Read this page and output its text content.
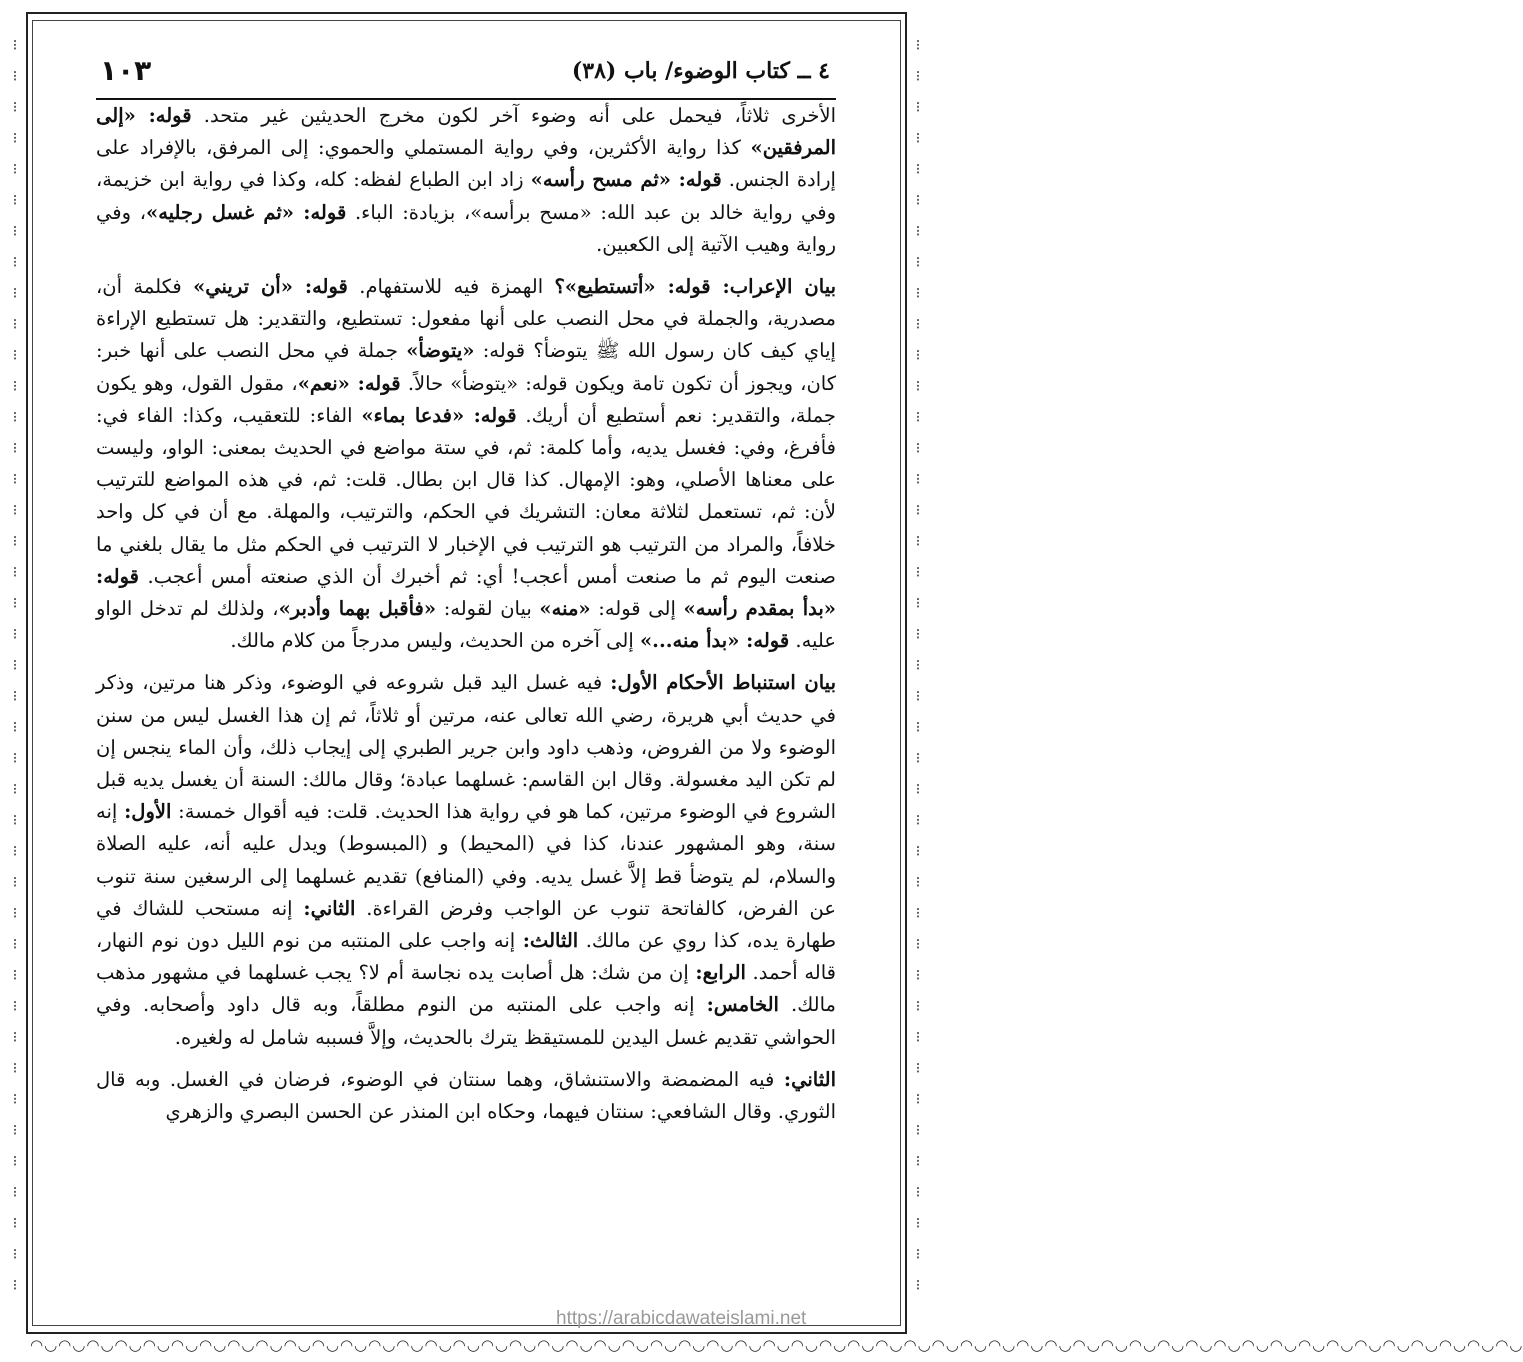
⁝
⁝
⁝
⁝
⁝
⁝
⁝
⁝
⁝
⁝
⁝
⁝
⁝
⁝
⁝
⁝
⁝
⁝
⁝
⁝
⁝
⁝
⁝
⁝
⁝
⁝
⁝
⁝
⁝
⁝
⁝
⁝
⁝
⁝
⁝
⁝
⁝
⁝
⁝
⁝
⁝
⁝
⁝
⁝
⁝
⁝
⁝
⁝
⁝
⁝
⁝
⁝
⁝
⁝
⁝
⁝
⁝
⁝
⁝
⁝
⁝
⁝
⁝
⁝
⁝
⁝
⁝
⁝
⁝
⁝
⁝
⁝
⁝
⁝
⁝
⁝
⁝
⁝
⁝
⁝
⁝
⁝
◠◡◠◡◠◡◠◡◠◡◠◡◠◡◠◡◠◡◠◡◠◡◠◡◠◡◠◡◠◡◠◡◠◡◠◡◠◡◠◡◠◡◠◡◠◡◠◡◠◡◠◡◠◡◠◡◠◡◠◡◠◡◠◡◠◡◠◡◠◡◠◡◠◡◠◡◠◡◠◡◠◡◠◡◠◡◠◡◠◡◠◡◠◡◠◡◠◡◠◡◠◡◠◡◠◡
٤ ــ كتاب الوضوء/ باب (٣٨)
١٠٣

الأخرى ثلاثاً، فيحمل على أنه وضوء آخر لكون مخرج الحديثين غير متحد. قوله: «إلى المرفقين» كذا رواية الأكثرين، وفي رواية المستملي والحموي: إلى المرفق، بالإفراد على إرادة الجنس. قوله: «ثم مسح رأسه» زاد ابن الطباع لفظه: كله، وكذا في رواية ابن خزيمة، وفي رواية خالد بن عبد الله: «مسح برأسه»، بزيادة: الباء. قوله: «ثم غسل رجليه»، وفي رواية وهيب الآتية إلى الكعبين.

بيان الإعراب: قوله: «أتستطيع»؟ الهمزة فيه للاستفهام. قوله: «أن تريني» فكلمة أن، مصدرية، والجملة في محل النصب على أنها مفعول: تستطيع، والتقدير: هل تستطيع الإراءة إياي كيف كان رسول الله ﷺ يتوضأ؟ قوله: «يتوضأ» جملة في محل النصب على أنها خبر: كان، ويجوز أن تكون تامة ويكون قوله: «يتوضأ» حالاً. قوله: «نعم»، مقول القول، وهو يكون جملة، والتقدير: نعم أستطيع أن أريك. قوله: «فدعا بماء» الفاء: للتعقيب، وكذا: الفاء في: فأفرغ، وفي: فغسل يديه، وأما كلمة: ثم، في ستة مواضع في الحديث بمعنى: الواو، وليست على معناها الأصلي، وهو: الإمهال. كذا قال ابن بطال. قلت: ثم، في هذه المواضع للترتيب لأن: ثم، تستعمل لثلاثة معان: التشريك في الحكم، والترتيب، والمهلة. مع أن في كل واحد خلافاً، والمراد من الترتيب هو الترتيب في الإخبار لا الترتيب في الحكم مثل ما يقال بلغني ما صنعت اليوم ثم ما صنعت أمس أعجب! أي: ثم أخبرك أن الذي صنعته أمس أعجب. قوله: «بدأ بمقدم رأسه» إلى قوله: «منه» بيان لقوله: «فأقبل بهما وأدبر»، ولذلك لم تدخل الواو عليه. قوله: «بدأ منه...» إلى آخره من الحديث، وليس مدرجاً من كلام مالك.

بيان استنباط الأحكام الأول: فيه غسل اليد قبل شروعه في الوضوء، وذكر هنا مرتين، وذكر في حديث أبي هريرة، رضي الله تعالى عنه، مرتين أو ثلاثاً، ثم إن هذا الغسل ليس من سنن الوضوء ولا من الفروض، وذهب داود وابن جرير الطبري إلى إيجاب ذلك، وأن الماء ينجس إن لم تكن اليد مغسولة. وقال ابن القاسم: غسلهما عبادة؛ وقال مالك: السنة أن يغسل يديه قبل الشروع في الوضوء مرتين، كما هو في رواية هذا الحديث. قلت: فيه أقوال خمسة: الأول: إنه سنة، وهو المشهور عندنا، كذا في (المحيط) و (المبسوط) ويدل عليه أنه، عليه الصلاة والسلام، لم يتوضأ قط إلاَّ غسل يديه. وفي (المنافع) تقديم غسلهما إلى الرسغين سنة تنوب عن الفرض، كالفاتحة تنوب عن الواجب وفرض القراءة. الثاني: إنه مستحب للشاك في طهارة يده، كذا روي عن مالك. الثالث: إنه واجب على المنتبه من نوم الليل دون نوم النهار، قاله أحمد. الرابع: إن من شك: هل أصابت يده نجاسة أم لا؟ يجب غسلهما في مشهور مذهب مالك. الخامس: إنه واجب على المنتبه من النوم مطلقاً، وبه قال داود وأصحابه. وفي الحواشي تقديم غسل اليدين للمستيقظ يترك بالحديث، وإلاَّ فسببه شامل له ولغيره.

الثاني: فيه المضمضة والاستنشاق، وهما سنتان في الوضوء، فرضان في الغسل. وبه قال الثوري. وقال الشافعي: سنتان فيهما، وحكاه ابن المنذر عن الحسن البصري والزهري

https://arabicdawateislami.net
